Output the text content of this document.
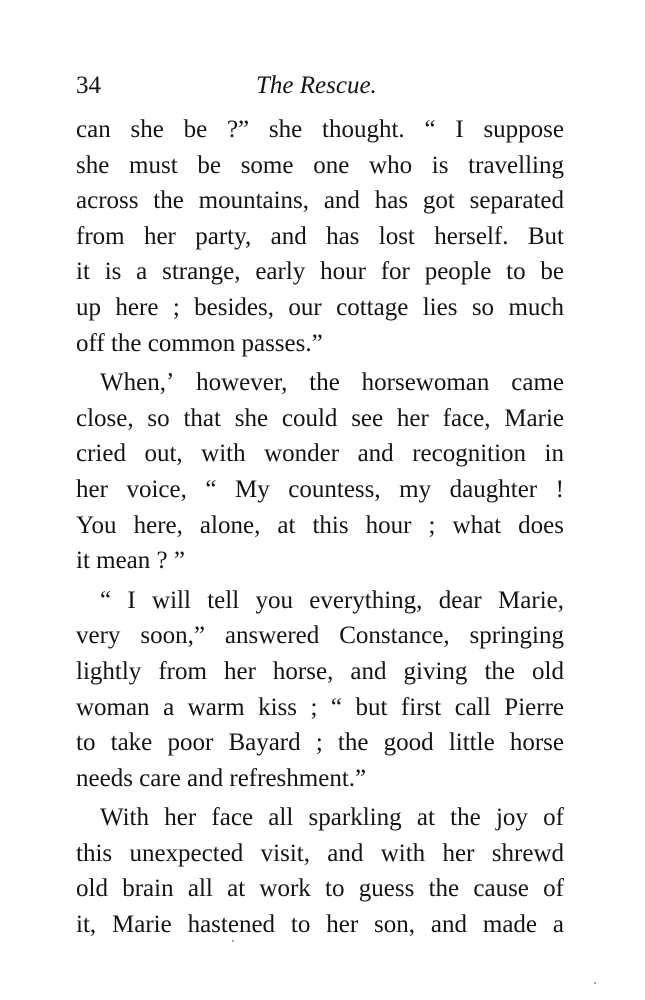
34	The Rescue.
can she be ?” she thought. “ I suppose
she must be some one who is travelling
across the mountains, and has got separated
from her party, and has lost herself. But
it is a strange, early hour for people to be
up here ; besides, our cottage lies so much
off the common passes.”
When,ʼ however, the horsewoman came
close, so that she could see her face, Marie
cried out, with wonder and recognition in
her voice, “ My countess, my daughter !
You here, alone, at this hour ; what does
it mean ? ”
“ I will tell you everything, dear Marie,
very soon,” answered Constance, springing
lightly from her horse, and giving the old
woman a warm kiss ; “ but first call Pierre
to take poor Bayard ; the good little horse
needs care and refreshment.”
With her face all sparkling at the joy of
this unexpected visit, and with her shrewd
old brain all at work to guess the cause of
it, Marie hastened to her son, and made a
